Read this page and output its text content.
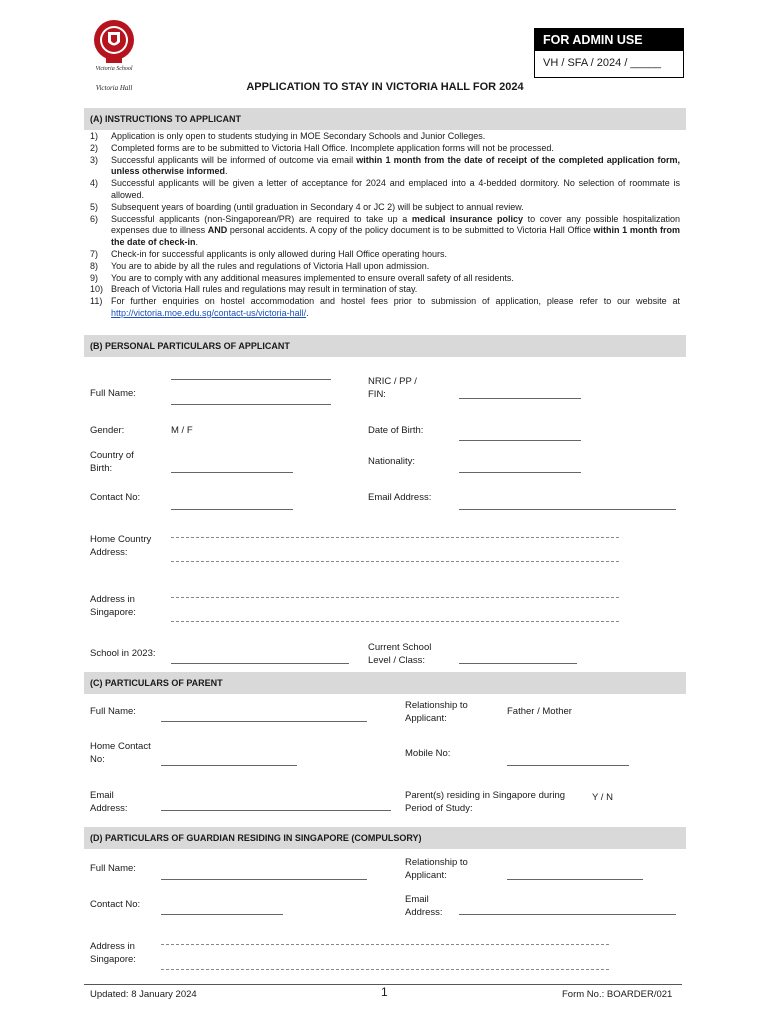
Victoria School
Victoria Hall
FOR ADMIN USE
VH / SFA / 2024 / _____
APPLICATION TO STAY IN VICTORIA HALL FOR 2024
(A) INSTRUCTIONS TO APPLICANT
1)	Application is only open to students studying in MOE Secondary Schools and Junior Colleges.
2)	Completed forms are to be submitted to Victoria Hall Office. Incomplete application forms will not be processed.
3)	Successful applicants will be informed of outcome via email within 1 month from the date of receipt of the completed application form, unless otherwise informed.
4)	Successful applicants will be given a letter of acceptance for 2024 and emplaced into a 4-bedded dormitory. No selection of roommate is allowed.
5)	Subsequent years of boarding (until graduation in Secondary 4 or JC 2) will be subject to annual review.
6)	Successful applicants (non-Singaporean/PR) are required to take up a medical insurance policy to cover any possible hospitalization expenses due to illness AND personal accidents. A copy of the policy document is to be submitted to Victoria Hall Office within 1 month from the date of check-in.
7)	Check-in for successful applicants is only allowed during Hall Office operating hours.
8)	You are to abide by all the rules and regulations of Victoria Hall upon admission.
9)	You are to comply with any additional measures implemented to ensure overall safety of all residents.
10) Breach of Victoria Hall rules and regulations may result in termination of stay.
11) For further enquiries on hostel accommodation and hostel fees prior to submission of application, please refer to our website at http://victoria.moe.edu.sg/contact-us/victoria-hall/.
(B) PERSONAL PARTICULARS OF APPLICANT
Full Name:
NRIC / PP / FIN:
Gender:	M / F	Date of Birth:
Country of Birth:
Nationality:
Contact No:	Email Address:
Home Country Address:
Address in Singapore:
School in 2023:
Current School Level / Class:
(C) PARTICULARS OF PARENT
Full Name:
Relationship to Applicant:
Father / Mother
Home Contact No:	Mobile No:
Email Address:
Parent(s) residing in Singapore during Period of Study:
Y / N
(D) PARTICULARS OF GUARDIAN RESIDING IN SINGAPORE (COMPULSORY)
Full Name:
Relationship to Applicant:
Contact No:	Email Address:
Address in Singapore:
Updated: 8 January 2024	1	Form No.: BOARDER/021
